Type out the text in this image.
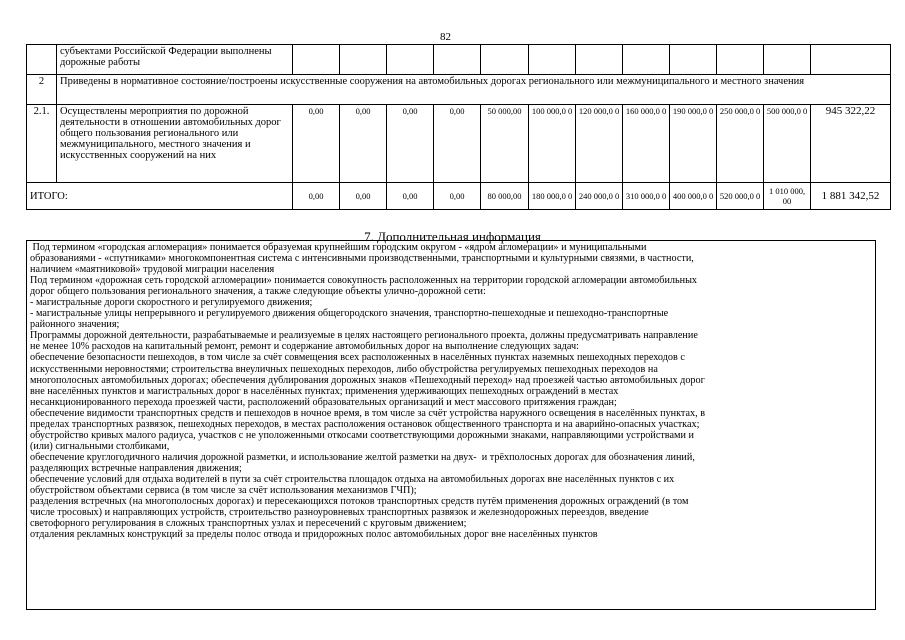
82
	субъектами Российской Федерации выполнены дорожные работы												
2	Приведены в нормативное состояние/построены искусственные сооружения на автомобильных дорогах регионального или межмуниципального и местного значения												
2.1.	Осуществлены мероприятия по дорожной деятельности в отношении автомобильных дорог общего пользования регионального или межмуниципального, местного значения и искусственных сооружений на них	0,00	0,00	0,00	0,00	50 000,00	100 000,0 0	120 000,0 0	160 000,0 0	190 000,0 0	250 000,0 0	500 000,0 0	945 322,22
ИТОГО:		0,00	0,00	0,00	0,00	80 000,00	180 000,0 0	240 000,0 0	310 000,0 0	400 000,0 0	520 000,0 0	1 010 000, 00	1 881 342,52
7. Дополнительная информация

Под термином «городская агломерация» понимается образуемая крупнейшим городским округом - «ядром агломерации» и муниципальными

образованиями - «спутниками» многокомпонентная система с интенсивными производственными, транспортными и культурными связями, в частности,

наличием «маятниковой» трудовой миграции населения

Под термином «дорожная сеть городской агломерации» понимается совокупность расположенных на территории городской агломерации автомобильных

дорог общего пользования регионального значения, а также следующие объекты улично-дорожной сети:

- магистральные дороги скоростного и регулируемого движения;

- магистральные улицы непрерывного и регулируемого движения общегородского значения, транспортно-пешеходные и пешеходно-транспортные

районного значения;

Программы дорожной деятельности, разрабатываемые и реализуемые в целях настоящего регионального проекта, должны предусматривать направление

не менее 10% расходов на капитальный ремонт, ремонт и содержание автомобильных дорог на выполнение следующих задач:

обеспечение безопасности пешеходов, в том числе за счёт совмещения всех расположенных в населённых пунктах наземных пешеходных переходов с

искусственными неровностями; строительства внеуличных пешеходных переходов, либо обустройства регулируемых пешеходных переходов на

многополосных автомобильных дорогах; обеспечения дублирования дорожных знаков «Пешеходный переход» над проезжей частью автомобильных дорог

вне населённых пунктов и магистральных дорог в населённых пунктах; применения удерживающих пешеходных ограждений в местах

несанкционированного перехода проезжей части, расположений образовательных организаций и мест массового притяжения граждан;

обеспечение видимости транспортных средств и пешеходов в ночное время, в том числе за счёт устройства наружного освещения в населённых пунктах, в

пределах транспортных развязок, пешеходных переходов, в местах расположения остановок общественного транспорта и на аварийно-опасных участках;

обустройство кривых малого радиуса, участков с не уположенными откосами соответствующими дорожными знаками, направляющими устройствами и

(или) сигнальными столбиками,

обеспечение круглогодичного наличия дорожной разметки, и использование желтой разметки на двух-  и трёхполосных дорогах для обозначения линий,

разделяющих встречные направления движения;

обеспечение условий для отдыха водителей в пути за счёт строительства площадок отдыха на автомобильных дорогах вне населённых пунктов с их

обустройством объектами сервиса (в том числе за счёт использования механизмов ГЧП);

разделения встречных (на многополосных дорогах) и пересекающихся потоков транспортных средств путём применения дорожных ограждений (в том

числе тросовых) и направляющих устройств, строительство разноуровневых транспортных развязок и железнодорожных переездов, введение

светофорного регулирования в сложных транспортных узлах и пересечений с круговым движением;

отдаления рекламных конструкций за пределы полос отвода и придорожных полос автомобильных дорог вне населённых пунктов
